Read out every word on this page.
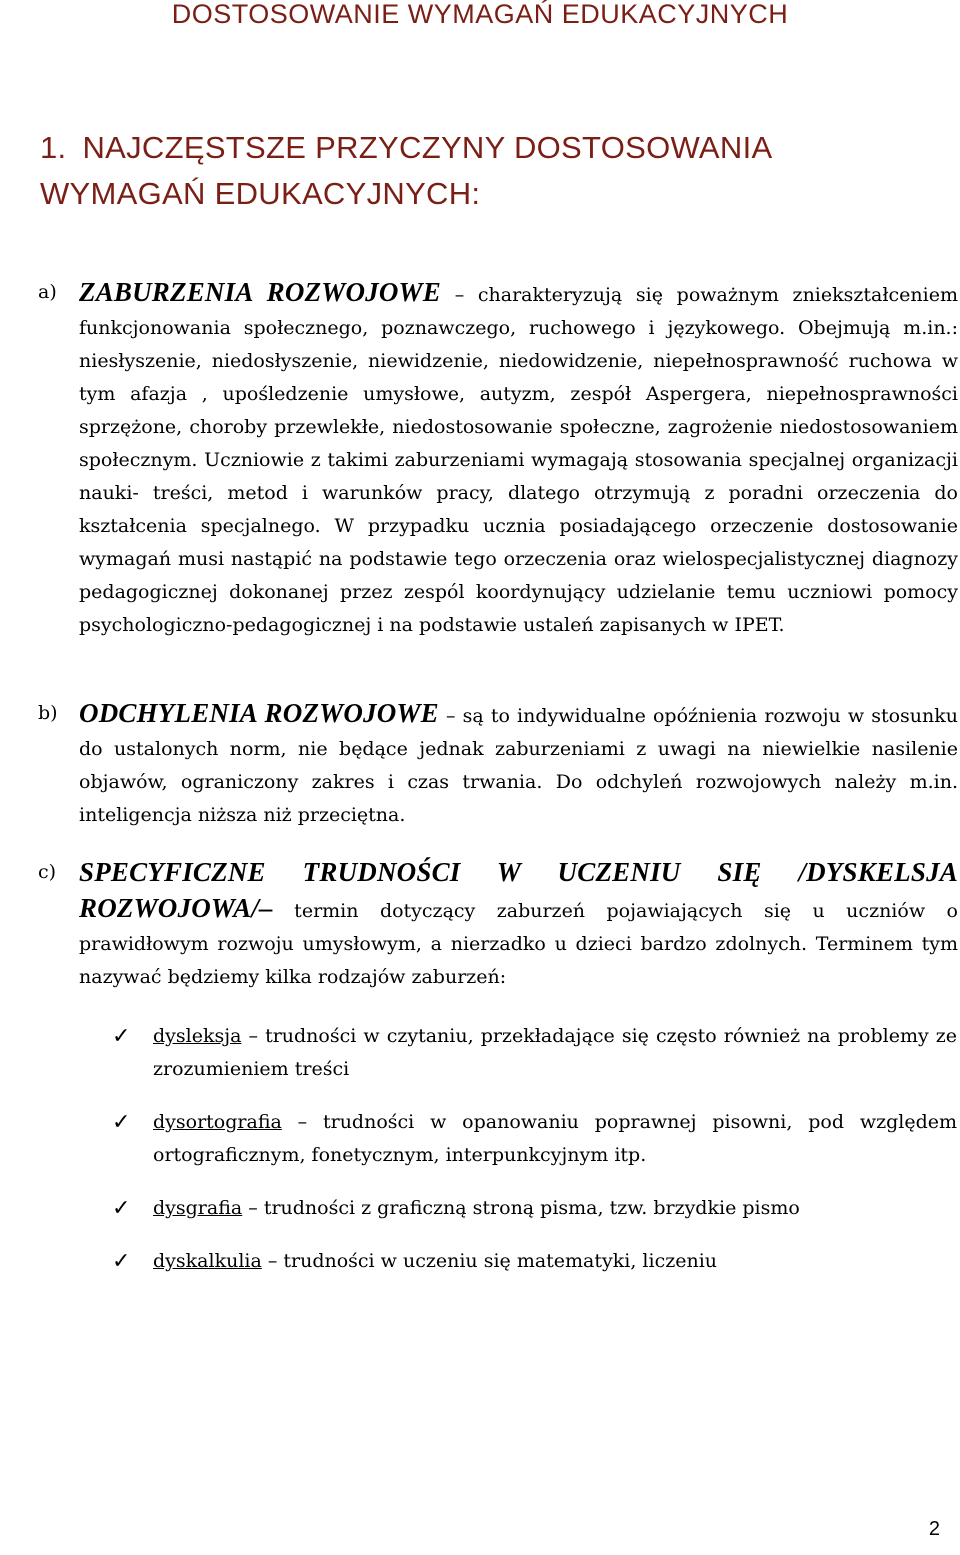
DOSTOSOWANIE WYMAGAŃ EDUKACYJNYCH
1. NAJCZĘSTSZE PRZYCZYNY DOSTOSOWANIA WYMAGAŃ EDUKACYJNYCH:
a) ZABURZENIA ROZWOJOWE – charakteryzują się poważnym zniekształceniem funkcjonowania społecznego, poznawczego, ruchowego i językowego. Obejmują m.in.: niesłyszenie, niedosłyszenie, niewidzenie, niedowidzenie, niepełnosprawność ruchowa w tym afazja , upośledzenie umysłowe, autyzm, zespół Aspergera, niepełnosprawności sprzężone, choroby przewlekłe, niedostosowanie społeczne, zagrożenie niedostosowaniem społecznym. Uczniowie z takimi zaburzeniami wymagają stosowania specjalnej organizacji nauki- treści, metod i warunków pracy, dlatego otrzymują z poradni orzeczenia do kształcenia specjalnego. W przypadku ucznia posiadającego orzeczenie dostosowanie wymagań musi nastąpić na podstawie tego orzeczenia oraz wielospecjalistycznej diagnozy pedagogicznej dokonanej przez zespól koordynujący udzielanie temu uczniowi pomocy psychologiczno-pedagogicznej i na podstawie ustaleń zapisanych w IPET.
b) ODCHYLENIA ROZWOJOWE – są to indywidualne opóźnienia rozwoju w stosunku do ustalonych norm, nie będące jednak zaburzeniami z uwagi na niewielkie nasilenie objawów, ograniczony zakres i czas trwania. Do odchyleń rozwojowych należy m.in. inteligencja niższa niż przeciętna.
c) SPECYFICZNE TRUDNOŚCI W UCZENIU SIĘ /DYSKELSJA ROZWOJOWA/– termin dotyczący zaburzeń pojawiających się u uczniów o prawidłowym rozwoju umysłowym, a nierzadko u dzieci bardzo zdolnych. Terminem tym nazywać będziemy kilka rodzajów zaburzeń:
✓ dysleksja – trudności w czytaniu, przekładające się często również na problemy ze zrozumieniem treści
✓ dysortografia – trudności w opanowaniu poprawnej pisowni, pod względem ortograficznym, fonetycznym, interpunkcyjnym itp.
✓ dysgrafia – trudności z graficzną stroną pisma, tzw. brzydkie pismo
✓ dyskalkulia – trudności w uczeniu się matematyki, liczeniu
2
